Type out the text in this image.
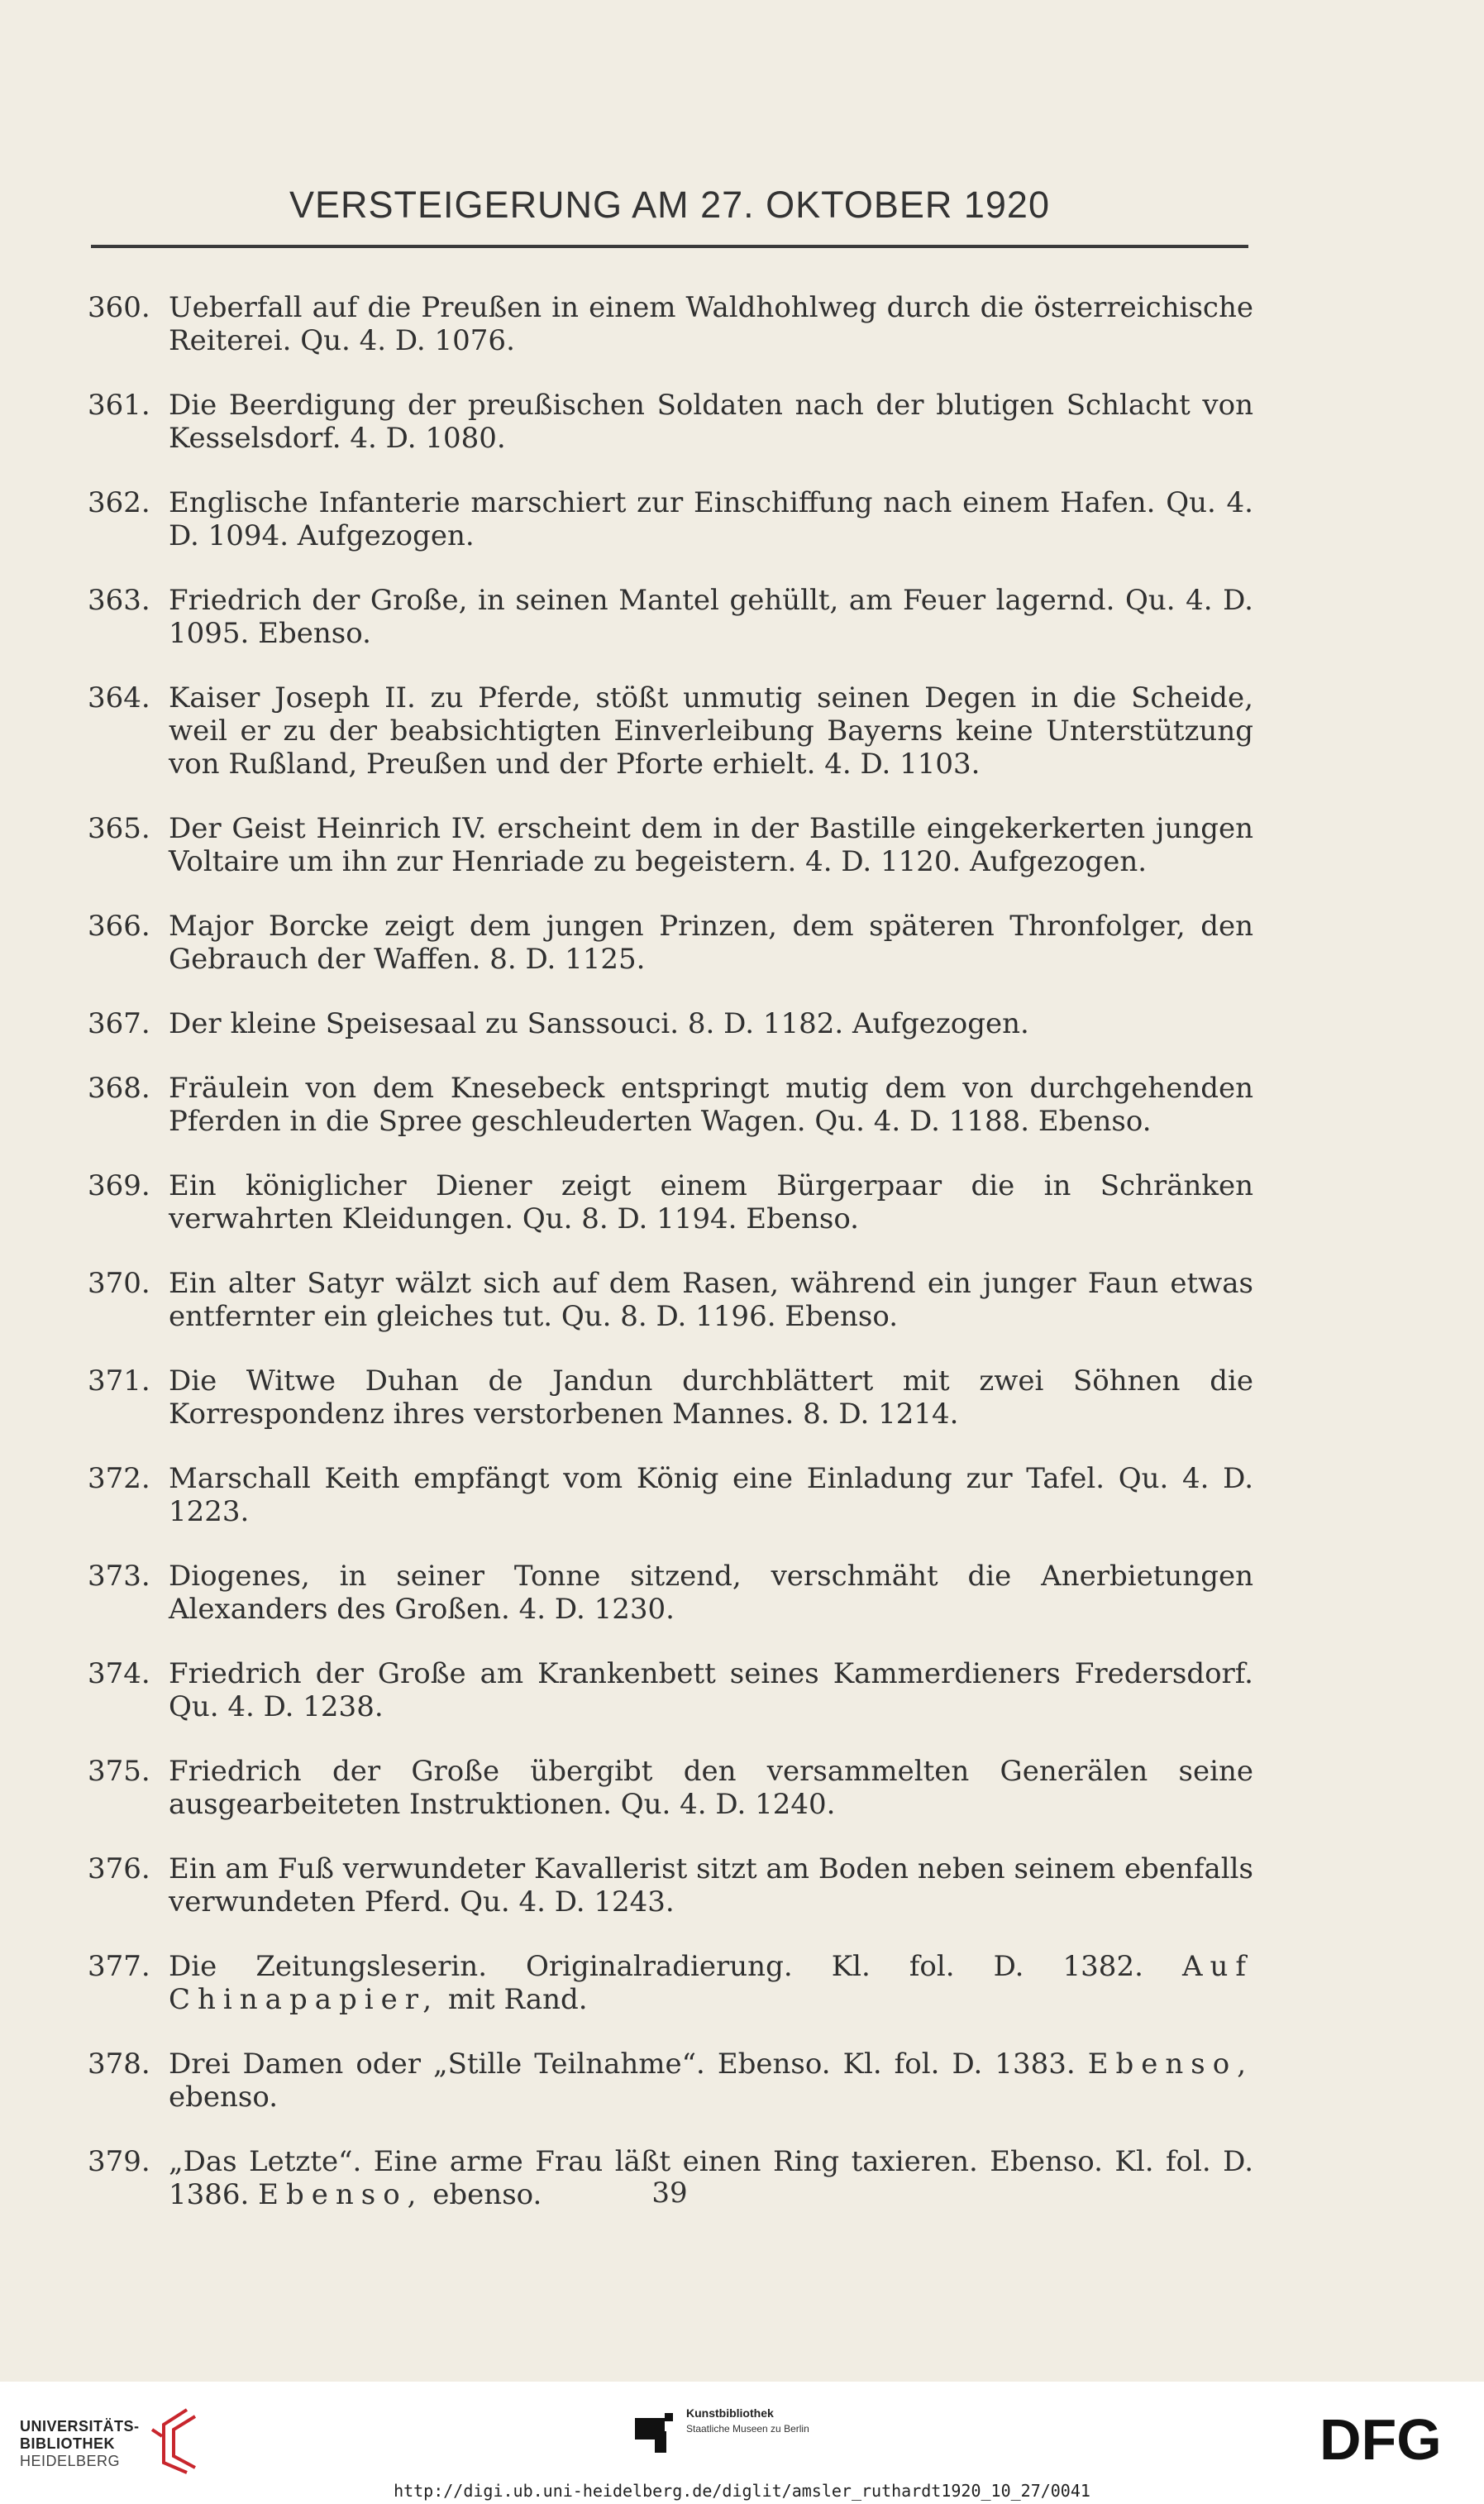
VERSTEIGERUNG AM 27. OKTOBER 1920
360. Ueberfall auf die Preußen in einem Waldhohlweg durch die österreichische Reiterei. Qu. 4. D. 1076.
361. Die Beerdigung der preußischen Soldaten nach der blutigen Schlacht von Kesselsdorf. 4. D. 1080.
362. Englische Infanterie marschiert zur Einschiffung nach einem Hafen. Qu. 4. D. 1094. Aufgezogen.
363. Friedrich der Große, in seinen Mantel gehüllt, am Feuer lagernd. Qu. 4. D. 1095. Ebenso.
364. Kaiser Joseph II. zu Pferde, stößt unmutig seinen Degen in die Scheide, weil er zu der beabsichtigten Einverleibung Bayerns keine Unterstützung von Rußland, Preußen und der Pforte erhielt. 4. D. 1103.
365. Der Geist Heinrich IV. erscheint dem in der Bastille eingekerkerten jungen Voltaire um ihn zur Henriade zu begeistern. 4. D. 1120. Aufgezogen.
366. Major Borcke zeigt dem jungen Prinzen, dem späteren Thronfolger, den Gebrauch der Waffen. 8. D. 1125.
367. Der kleine Speisesaal zu Sanssouci. 8. D. 1182. Aufgezogen.
368. Fräulein von dem Knesebeck entspringt mutig dem von durchgehenden Pferden in die Spree geschleuderten Wagen. Qu. 4. D. 1188. Ebenso.
369. Ein königlicher Diener zeigt einem Bürgerpaar die in Schränken verwahrten Kleidungen. Qu. 8. D. 1194. Ebenso.
370. Ein alter Satyr wälzt sich auf dem Rasen, während ein junger Faun etwas entfernter ein gleiches tut. Qu. 8. D. 1196. Ebenso.
371. Die Witwe Duhan de Jandun durchblättert mit zwei Söhnen die Korrespondenz ihres verstorbenen Mannes. 8. D. 1214.
372. Marschall Keith empfängt vom König eine Einladung zur Tafel. Qu. 4. D. 1223.
373. Diogenes, in seiner Tonne sitzend, verschmäht die Anerbietungen Alexanders des Großen. 4. D. 1230.
374. Friedrich der Große am Krankenbett seines Kammerdieners Fredersdorf. Qu. 4. D. 1238.
375. Friedrich der Große übergibt den versammelten Generälen seine ausgearbeiteten Instruktionen. Qu. 4. D. 1240.
376. Ein am Fuß verwundeter Kavallerist sitzt am Boden neben seinem ebenfalls verwundeten Pferd. Qu. 4. D. 1243.
377. Die Zeitungsleserin. Originalradierung. Kl. fol. D. 1382. Auf Chinapapier, mit Rand.
378. Drei Damen oder „Stille Teilnahme“. Ebenso. Kl. fol. D. 1383. Ebenso, ebenso.
379. „Das Letzte“. Eine arme Frau läßt einen Ring taxieren. Ebenso. Kl. fol. D. 1386. Ebenso, ebenso.	39
UNIVERSITÄTS-
BIBLIOTHEK
HEIDELBERG
Kunstbibliothek
Staatliche Museen zu Berlin	DFG
http://digi.ub.uni-heidelberg.de/diglit/amsler_ruthardt1920_10_27/0041
